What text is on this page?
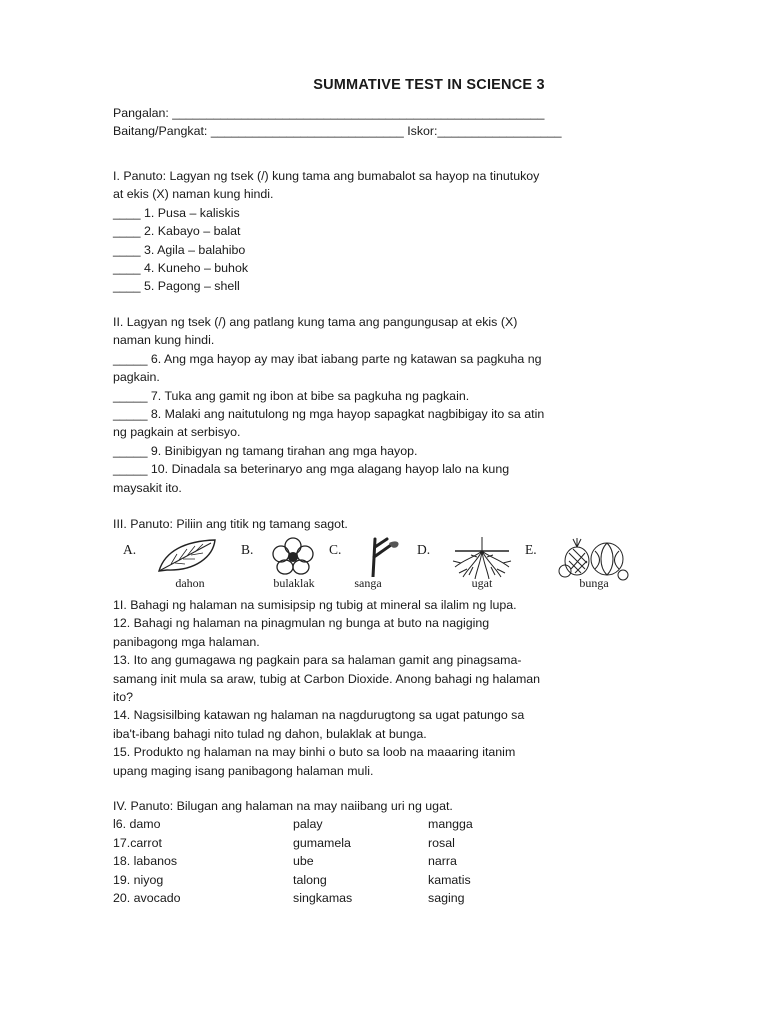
SUMMATIVE TEST IN SCIENCE 3
Pangalan: ______________________________________________________
Baitang/Pangkat: ____________________________ Iskor:__________________
I. Panuto: Lagyan ng tsek (/) kung tama ang bumabalot sa hayop na tinutukoy
at ekis (X) naman kung hindi.
____ 1. Pusa – kaliskis
____ 2. Kabayo – balat
____ 3. Agila – balahibo
____ 4. Kuneho – buhok
____ 5. Pagong – shell
II. Lagyan ng tsek (/) ang patlang kung tama ang pangungusap at ekis (X)
naman kung hindi.
_____ 6. Ang mga hayop ay may ibat iabang parte ng katawan sa pagkuha ng
pagkain.
_____ 7. Tuka ang gamit ng ibon at bibe sa pagkuha ng pagkain.
_____ 8. Malaki ang naitutulong ng mga hayop sapagkat nagbibigay ito sa atin
ng pagkain at serbisyo.
_____ 9. Binibigyan ng tamang tirahan ang mga hayop.
_____ 10. Dinadala sa beterinaryo ang mga alagang hayop lalo na kung
maysakit ito.
III. Panuto: Piliin ang titik ng tamang sagot.
A.
dahon
B.
bulaklak
C.
sanga
D.
ugat
E.
bunga
1I. Bahagi ng halaman na sumisipsip ng tubig at mineral sa ilalim ng lupa.
12. Bahagi ng halaman na pinagmulan ng bunga at buto na nagiging
panibagong mga halaman.
13. Ito ang gumagawa ng pagkain para sa halaman gamit ang pinagsama-
samang init mula sa araw, tubig at Carbon Dioxide. Anong bahagi ng halaman
ito?
14. Nagsisilbing katawan ng halaman na nagdurugtong sa ugat patungo sa
iba't-ibang bahagi nito tulad ng dahon, bulaklak at bunga.
15. Produkto ng halaman na may binhi o buto sa loob na maaaring itanim
upang maging isang panibagong halaman muli.
IV. Panuto: Bilugan ang halaman na may naiibang uri ng ugat.
l6. damo	palay	mangga
17.carrot	gumamela	rosal
18. labanos	ube	narra
19. niyog	talong	kamatis
20. avocado	singkamas	saging
